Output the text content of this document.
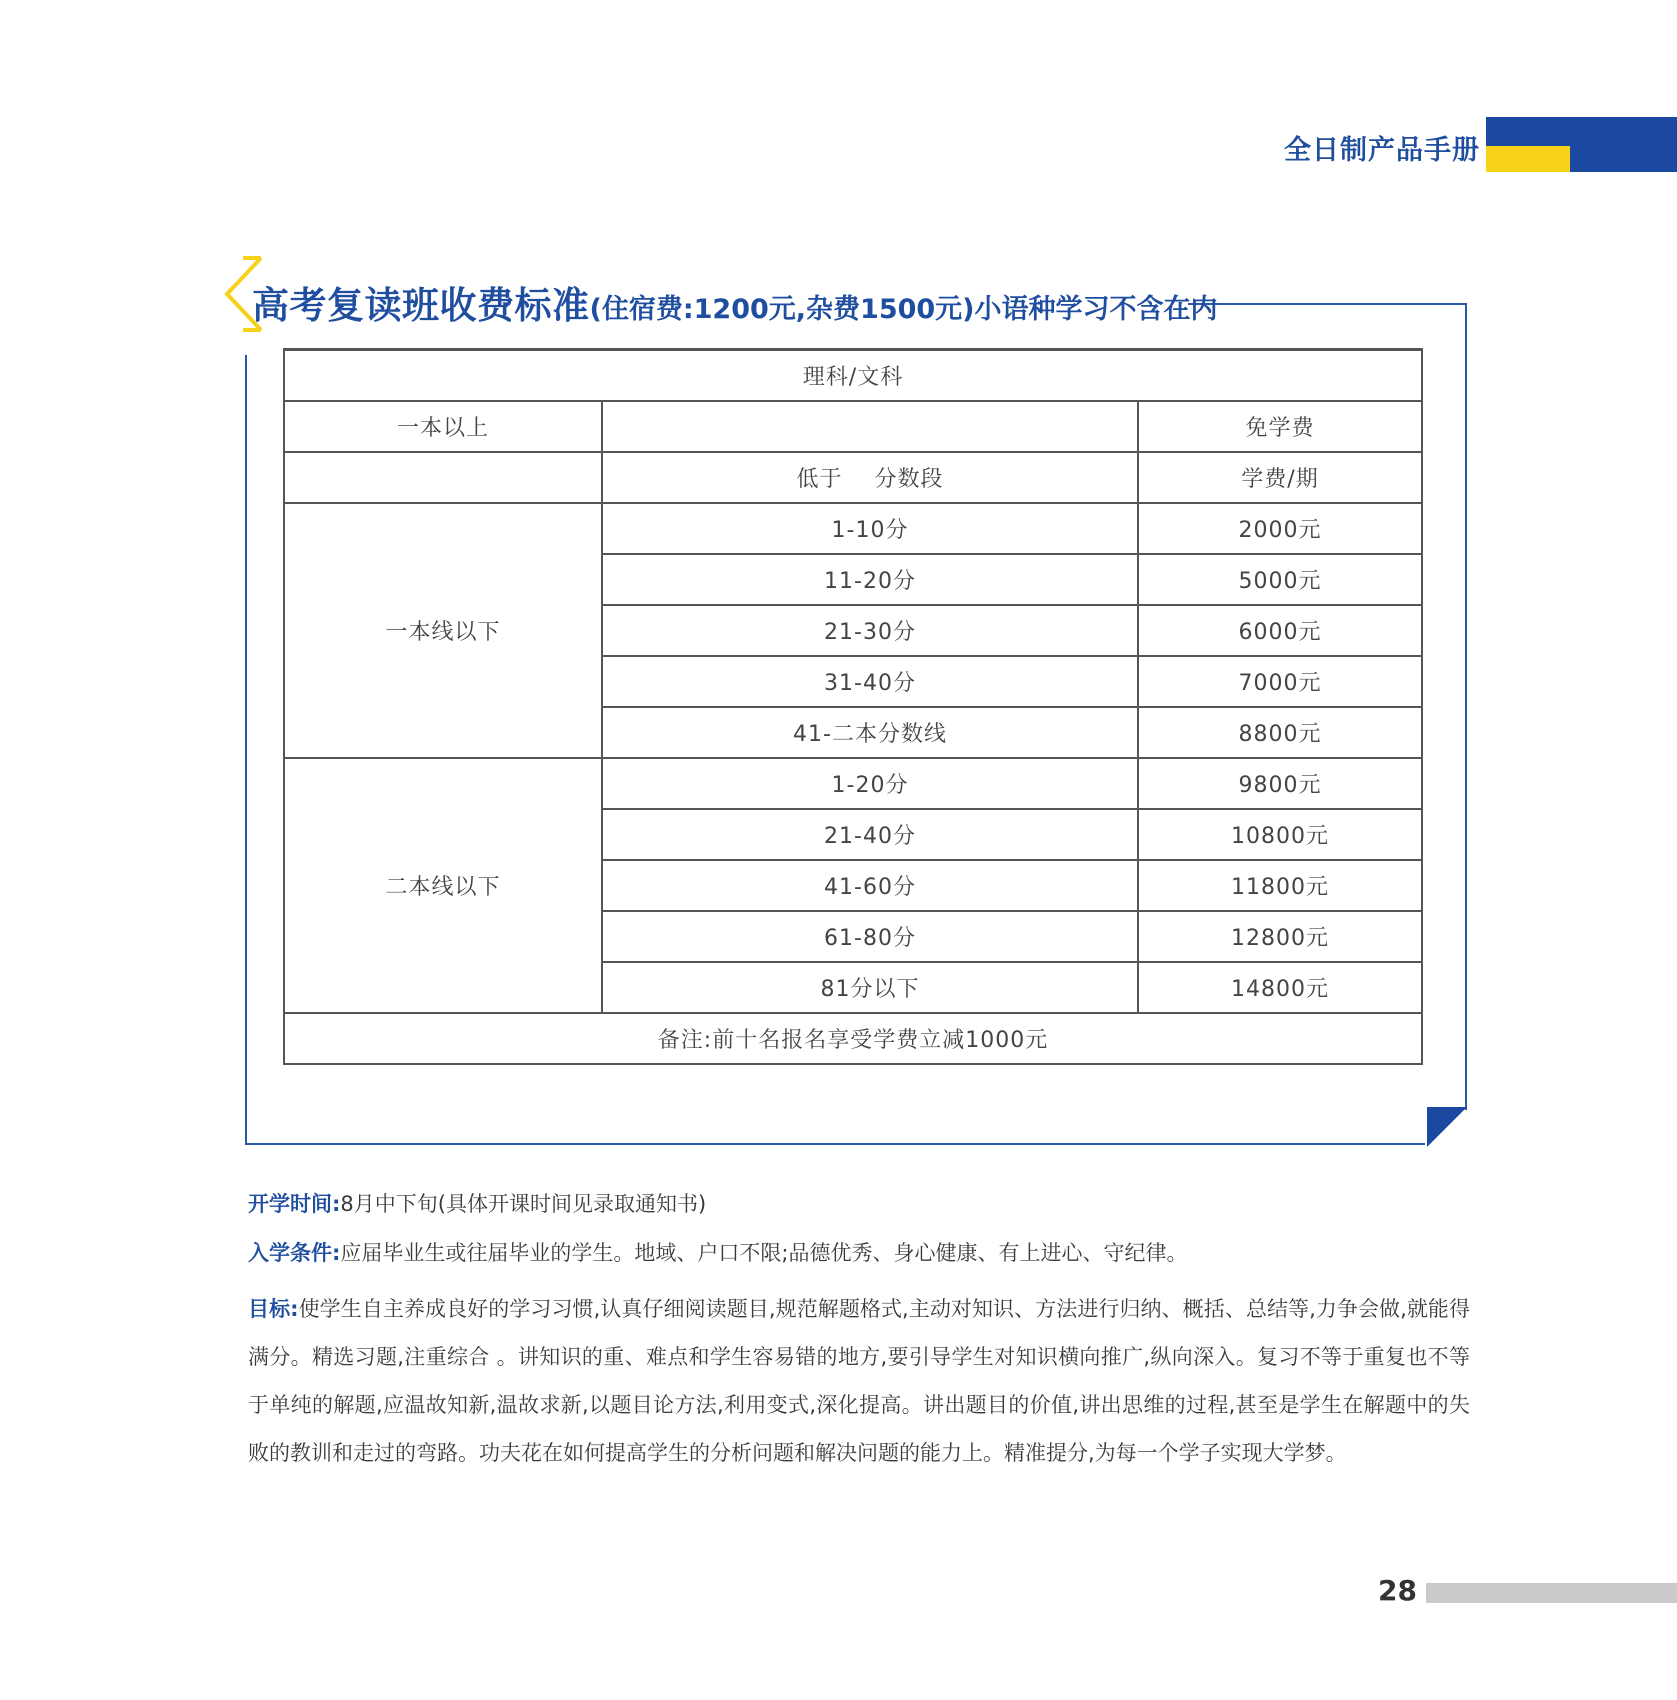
全日制产品手册
高考复读班收费标准(住宿费:1200元,杂费1500元)小语种学习不含在内
理科/文科		
一本以上		免学费
	低于    分数段	学费/期
一本线以下	1-10分	2000元
	11-20分	5000元
	21-30分	6000元
	31-40分	7000元
	41-二本分数线	8800元
二本线以下	1-20分	9800元
	21-40分	10800元
	41-60分	11800元
	61-80分	12800元
	81分以下	14800元
备注:前十名报名享受学费立减1000元		
开学时间:8月中下旬(具体开课时间见录取通知书)
入学条件:应届毕业生或往届毕业的学生。地域、户口不限;品德优秀、身心健康、有上进心、守纪律。
目标:使学生自主养成良好的学习习惯,认真仔细阅读题目,规范解题格式,主动对知识、方法进行归纳、概括、总结等,力争会做,就能得满分。精选习题,注重综合 。讲知识的重、难点和学生容易错的地方,要引导学生对知识横向推广,纵向深入。复习不等于重复也不等于单纯的解题,应温故知新,温故求新,以题目论方法,利用变式,深化提高。讲出题目的价值,讲出思维的过程,甚至是学生在解题中的失败的教训和走过的弯路。功夫花在如何提高学生的分析问题和解决问题的能力上。精准提分,为每一个学子实现大学梦。
28
